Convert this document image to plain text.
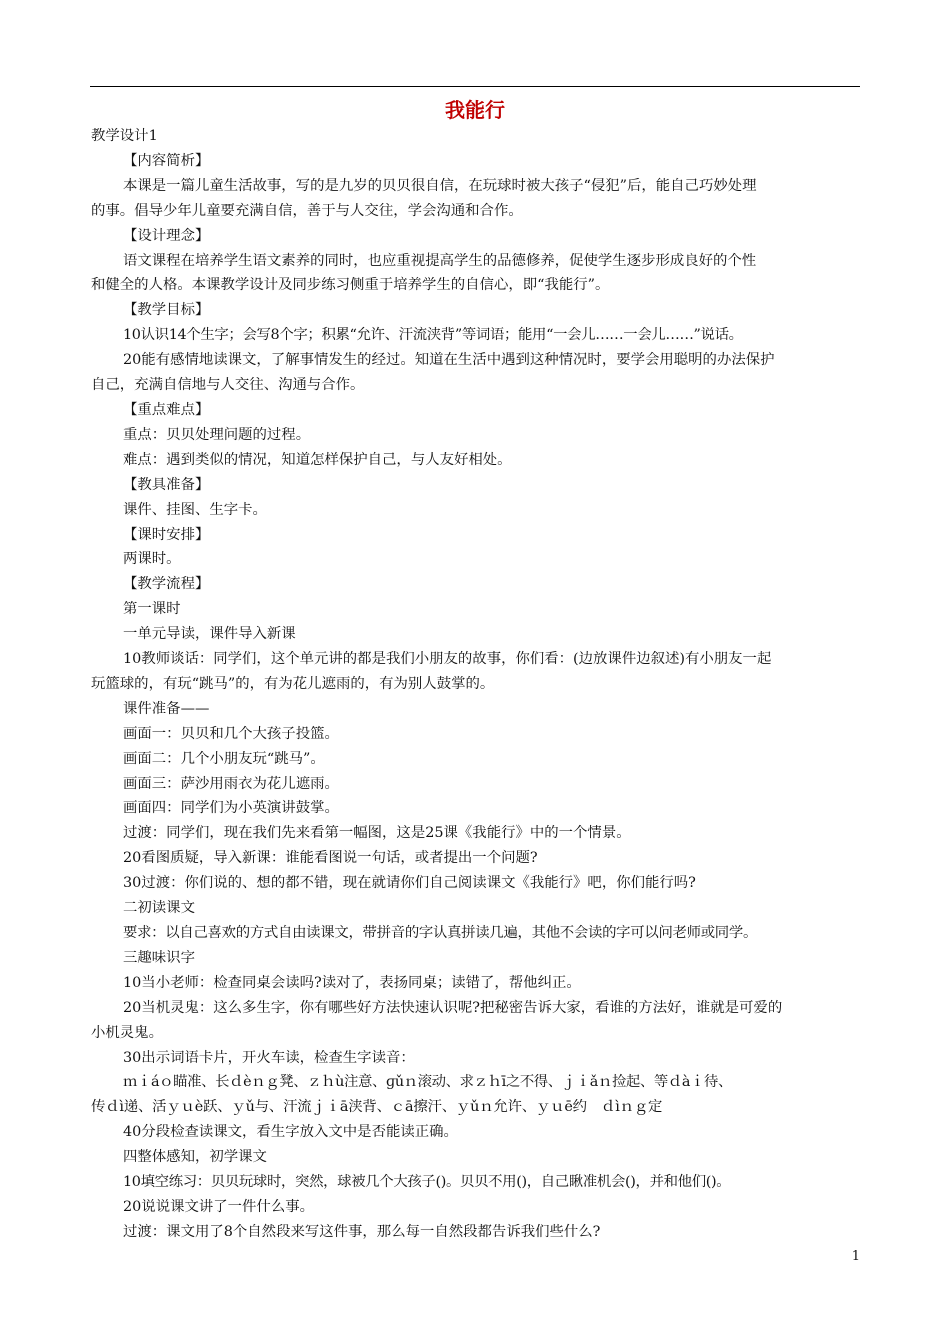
我能行

教学设计1

【内容简析】

本课是一篇儿童生活故事，写的是九岁的贝贝很自信，在玩球时被大孩子“侵犯”后，能自己巧妙处理

的事。倡导少年儿童要充满自信，善于与人交往，学会沟通和合作。

【设计理念】

语文课程在培养学生语文素养的同时，也应重视提高学生的品德修养，促使学生逐步形成良好的个性

和健全的人格。本课教学设计及同步练习侧重于培养学生的自信心，即“我能行”。

【教学目标】

10认识14个生字；会写8个字；积累“允许、汗流浃背”等词语；能用“一会儿……一会儿……”说话。

20能有感情地读课文，了解事情发生的经过。知道在生活中遇到这种情况时，要学会用聪明的办法保护

自己，充满自信地与人交往、沟通与合作。

【重点难点】

重点：贝贝处理问题的过程。

难点：遇到类似的情况，知道怎样保护自己，与人友好相处。

【教具准备】

课件、挂图、生字卡。

【课时安排】

两课时。

【教学流程】

第一课时

一单元导读，课件导入新课

10教师谈话：同学们，这个单元讲的都是我们小朋友的故事，你们看：(边放课件边叙述)有小朋友一起

玩篮球的，有玩“跳马”的，有为花儿遮雨的，有为别人鼓掌的。

课件准备——

画面一：贝贝和几个大孩子投篮。

画面二：几个小朋友玩“跳马”。

画面三：萨沙用雨衣为花儿遮雨。

画面四：同学们为小英演讲鼓掌。

过渡：同学们，现在我们先来看第一幅图，这是25课《我能行》中的一个情景。

20看图质疑，导入新课：谁能看图说一句话，或者提出一个问题?

30过渡：你们说的、想的都不错，现在就请你们自己阅读课文《我能行》吧，你们能行吗?

二初读课文

要求：以自己喜欢的方式自由读课文，带拼音的字认真拼读几遍，其他不会读的字可以问老师或同学。

三趣味识字

10当小老师：检查同桌会读吗?读对了，表扬同桌；读错了，帮他纠正。

20当机灵鬼：这么多生字，你有哪些好方法快速认识呢?把秘密告诉大家，看谁的方法好，谁就是可爱的

小机灵鬼。

30出示词语卡片，开火车读，检查生字读音：

ｍｉáｏ瞄准、长ｄèｎｇ凳、ｚｈù注意、ɡǔｎ滚动、求ｚｈī之不得、ｊｉǎｎ捡起、等ｄàｉ待、

传ｄì递、活ｙｕè跃、ｙǔ与、汗流ｊｉā浃背、ｃā擦汗、ｙǔｎ允许、ｙｕē约　ｄìｎｇ定

40分段检查读课文，看生字放入文中是否能读正确。

四整体感知，初学课文

10填空练习：贝贝玩球时，突然，球被几个大孩子()。贝贝不用()，自己瞅准机会()，并和他们()。

20说说课文讲了一件什么事。

过渡：课文用了8个自然段来写这件事，那么每一自然段都告诉我们些什么?

1
